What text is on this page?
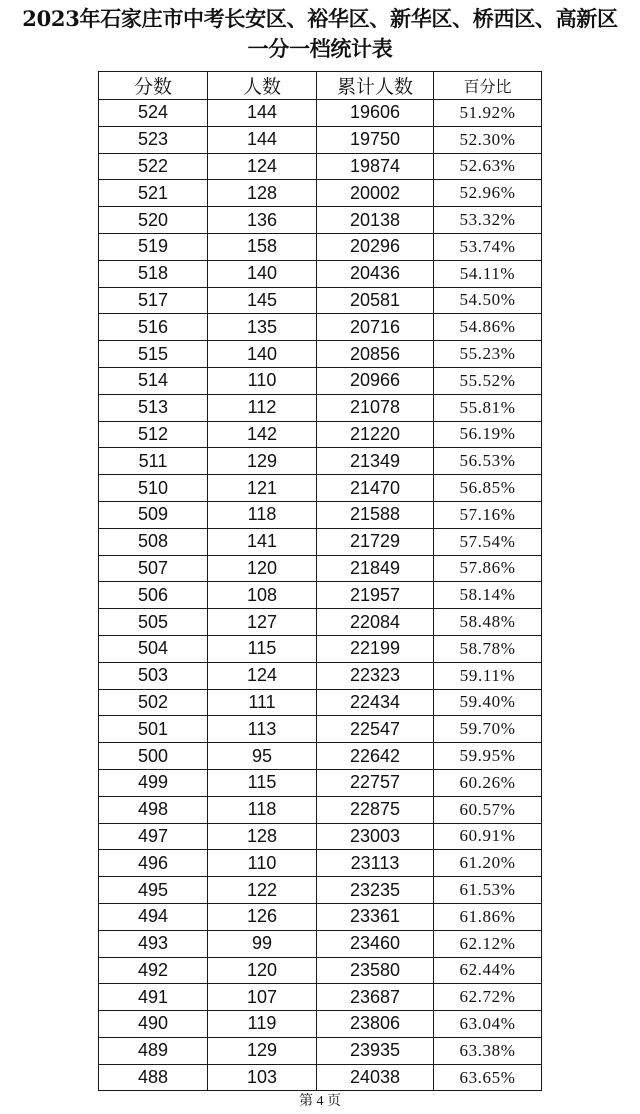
2023年石家庄市中考长安区、裕华区、新华区、桥西区、高新区
一分一档统计表
分数	人数	累计人数	百分比
524	144	19606	51.92%
523	144	19750	52.30%
522	124	19874	52.63%
521	128	20002	52.96%
520	136	20138	53.32%
519	158	20296	53.74%
518	140	20436	54.11%
517	145	20581	54.50%
516	135	20716	54.86%
515	140	20856	55.23%
514	110	20966	55.52%
513	112	21078	55.81%
512	142	21220	56.19%
511	129	21349	56.53%
510	121	21470	56.85%
509	118	21588	57.16%
508	141	21729	57.54%
507	120	21849	57.86%
506	108	21957	58.14%
505	127	22084	58.48%
504	115	22199	58.78%
503	124	22323	59.11%
502	111	22434	59.40%
501	113	22547	59.70%
500	95	22642	59.95%
499	115	22757	60.26%
498	118	22875	60.57%
497	128	23003	60.91%
496	110	23113	61.20%
495	122	23235	61.53%
494	126	23361	61.86%
493	99	23460	62.12%
492	120	23580	62.44%
491	107	23687	62.72%
490	119	23806	63.04%
489	129	23935	63.38%
488	103	24038	63.65%
第 4 页
